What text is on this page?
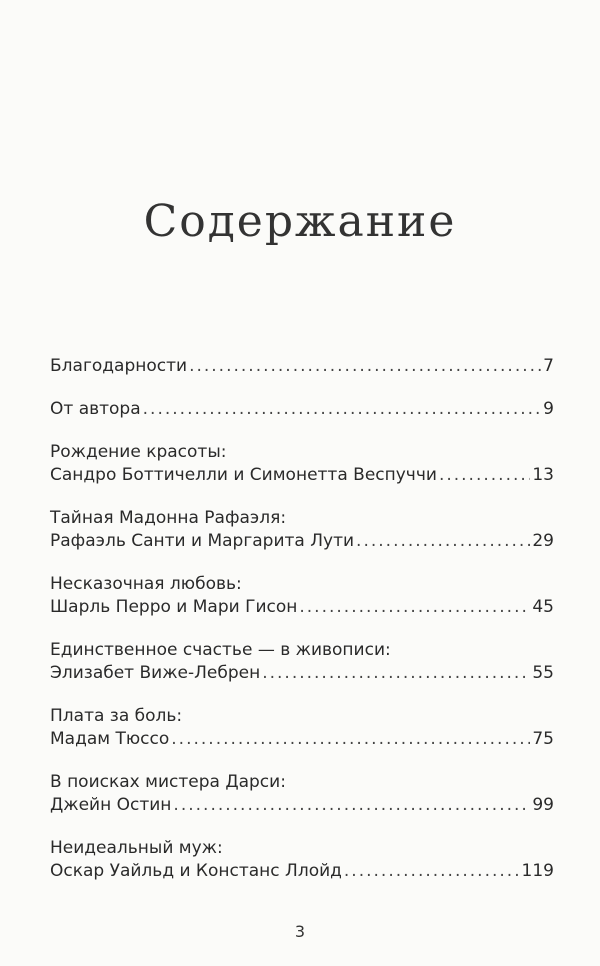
Содержание
Благодарности .....	7
От автора .....	9
Рождение красоты:
Сандро Боттичелли и Симонетта Веспуччи .....	13
Тайная Мадонна Рафаэля:
Рафаэль Санти и Маргарита Лути .....	29
Несказочная любовь:
Шарль Перро и Мари Гисон .....	45
Единственное счастье — в живописи:
Элизабет Виже-Лебрен .....	55
Плата за боль:
Мадам Тюссо .....	75
В поисках мистера Дарси:
Джейн Остин .....	99
Неидеальный муж:
Оскар Уайльд и Констанс Ллойд .....	119
3
